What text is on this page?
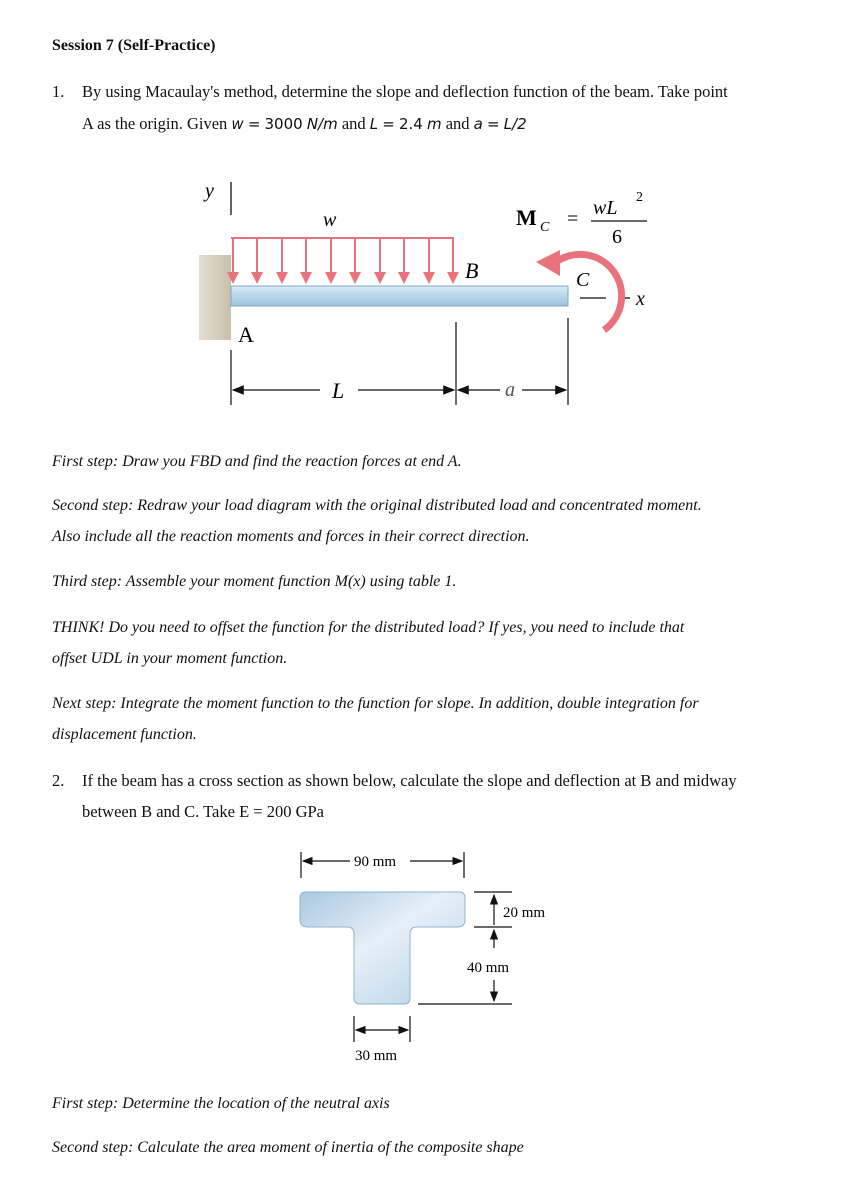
Session 7 (Self-Practice)
1. By using Macaulay's method, determine the slope and deflection function of the beam. Take point
A as the origin. Given w = 3000 N/m and L = 2.4 m and a = L/2
y
w
A
B	C
x
M C = wL 2
6
L	a
First step: Draw you FBD and find the reaction forces at end A.
Second step: Redraw your load diagram with the original distributed load and concentrated moment.
Also include all the reaction moments and forces in their correct direction.
Third step: Assemble your moment function M(x) using table 1.
THINK! Do you need to offset the function for the distributed load? If yes, you need to include that
offset UDL in your moment function.
Next step: Integrate the moment function to the function for slope. In addition, double integration for
displacement function.
2. If the beam has a cross section as shown below, calculate the slope and deflection at B and midway
between B and C. Take E = 200 GPa
90 mm
20 mm
40 mm
30 mm
First step: Determine the location of the neutral axis
Second step: Calculate the area moment of inertia of the composite shape
